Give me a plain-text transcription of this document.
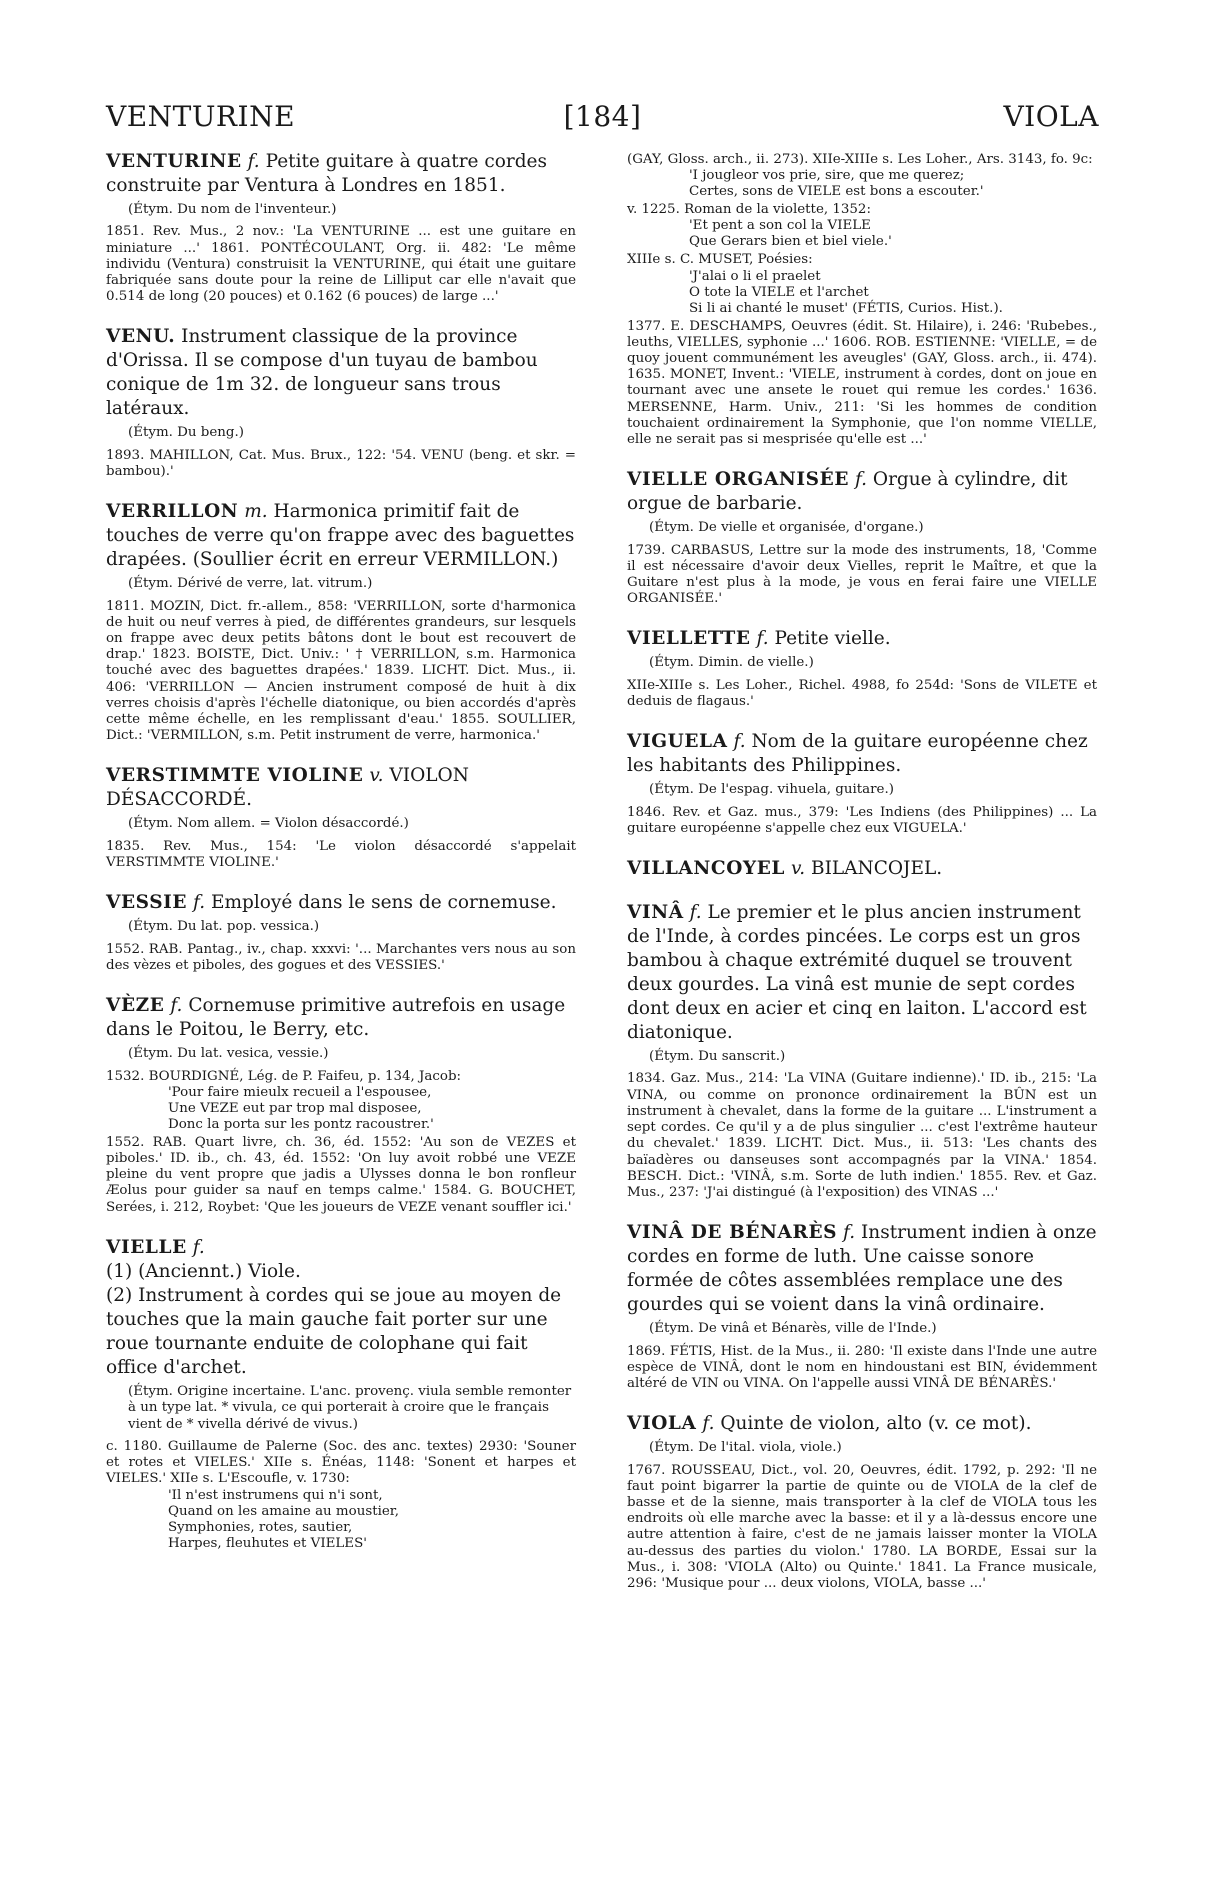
VENTURINE	[184]	VIOLA

VENTURINE f. Petite guitare à quatre cordes construite par Ventura à Londres en 1851.

(Étym. Du nom de l'inventeur.)

1851. Rev. Mus., 2 nov.: 'La VENTURINE ... est une guitare en miniature ...' 1861. PONTÉCOULANT, Org. ii. 482: 'Le même individu (Ventura) construisit la VENTURINE, qui était une guitare fabriquée sans doute pour la reine de Lilliput car elle n'avait que 0.514 de long (20 pouces) et 0.162 (6 pouces) de large ...'

VENU. Instrument classique de la province d'Orissa. Il se compose d'un tuyau de bambou conique de 1m 32. de longueur sans trous latéraux.

(Étym. Du beng.)

1893. MAHILLON, Cat. Mus. Brux., 122: '54. VENU (beng. et skr. = bambou).'

VERRILLON m. Harmonica primitif fait de touches de verre qu'on frappe avec des baguettes drapées. (Soullier écrit en erreur VERMILLON.)

(Étym. Dérivé de verre, lat. vitrum.)

1811. MOZIN, Dict. fr.-allem., 858: 'VERRILLON, sorte d'harmonica de huit ou neuf verres à pied, de différentes grandeurs, sur lesquels on frappe avec deux petits bâtons dont le bout est recouvert de drap.' 1823. BOISTE, Dict. Univ.: ' † VERRILLON, s.m. Harmonica touché avec des baguettes drapées.' 1839. LICHT. Dict. Mus., ii. 406: 'VERRILLON — Ancien instrument composé de huit à dix verres choisis d'après l'échelle diatonique, ou bien accordés d'après cette même échelle, en les remplissant d'eau.' 1855. SOULLIER, Dict.: 'VERMILLON, s.m. Petit instrument de verre, harmonica.'

VERSTIMMTE VIOLINE v. VIOLON DÉSACCORDÉ.

(Étym. Nom allem. = Violon désaccordé.)

1835. Rev. Mus., 154: 'Le violon désaccordé s'appelait VERSTIMMTE VIOLINE.'

VESSIE f. Employé dans le sens de cornemuse.

(Étym. Du lat. pop. vessica.)

1552. RAB. Pantag., iv., chap. xxxvi: '... Marchantes vers nous au son des vèzes et piboles, des gogues et des VESSIES.'

VÈZE f. Cornemuse primitive autrefois en usage dans le Poitou, le Berry, etc.

(Étym. Du lat. vesica, vessie.)

1532. BOURDIGNÉ, Lég. de P. Faifeu, p. 134, Jacob:

'Pour faire mieulx recueil a l'espousee,
Une VEZE eut par trop mal disposee,
Donc la porta sur les pontz racoustrer.'

1552. RAB. Quart livre, ch. 36, éd. 1552: 'Au son de VEZES et piboles.' ID. ib., ch. 43, éd. 1552: 'On luy avoit robbé une VEZE pleine du vent propre que jadis a Ulysses donna le bon ronfleur Æolus pour guider sa nauf en temps calme.' 1584. G. BOUCHET, Serées, i. 212, Roybet: 'Que les joueurs de VEZE venant souffler ici.'

VIELLE f.

(1) (Anciennt.) Viole.

(2) Instrument à cordes qui se joue au moyen de touches que la main gauche fait porter sur une roue tournante enduite de colophane qui fait office d'archet.

(Étym. Origine incertaine. L'anc. provenç. viula semble remonter à un type lat. * vivula, ce qui porterait à croire que le français vient de * vivella dérivé de vivus.)

c. 1180. Guillaume de Palerne (Soc. des anc. textes) 2930: 'Souner et rotes et VIELES.' XIIe s. Énéas, 1148: 'Sonent et harpes et VIELES.' XIIe s. L'Escoufle, v. 1730:

'Il n'est instrumens qui n'i sont,
Quand on les amaine au moustier,
Symphonies, rotes, sautier,
Harpes, fleuhutes et VIELES'

(GAY, Gloss. arch., ii. 273). XIIe-XIIIe s. Les Loher., Ars. 3143, fo. 9c:

'I jougleor vos prie, sire, que me querez;
Certes, sons de VIELE est bons a escouter.'

v. 1225. Roman de la violette, 1352:

'Et pent a son col la VIELE
Que Gerars bien et biel viele.'

XIIIe s. C. MUSET, Poésies:

'J'alai o li el praelet
O tote la VIELE et l'archet
Si li ai chanté le muset' (FÉTIS, Curios. Hist.).

1377. E. DESCHAMPS, Oeuvres (édit. St. Hilaire), i. 246: 'Rubebes., leuths, VIELLES, syphonie ...' 1606. ROB. ESTIENNE: 'VIELLE, = de quoy jouent communément les aveugles' (GAY, Gloss. arch., ii. 474). 1635. MONET, Invent.: 'VIELE, instrument à cordes, dont on joue en tournant avec une ansete le rouet qui remue les cordes.' 1636. MERSENNE, Harm. Univ., 211: 'Si les hommes de condition touchaient ordinairement la Symphonie, que l'on nomme VIELLE, elle ne serait pas si mesprisée qu'elle est ...'

VIELLE ORGANISÉE f. Orgue à cylindre, dit orgue de barbarie.

(Étym. De vielle et organisée, d'organe.)

1739. CARBASUS, Lettre sur la mode des instruments, 18, 'Comme il est nécessaire d'avoir deux Vielles, reprit le Maître, et que la Guitare n'est plus à la mode, je vous en ferai faire une VIELLE ORGANISÉE.'

VIELLETTE f. Petite vielle.

(Étym. Dimin. de vielle.)

XIIe-XIIIe s. Les Loher., Richel. 4988, fo 254d: 'Sons de VILETE et deduis de flagaus.'

VIGUELA f. Nom de la guitare européenne chez les habitants des Philippines.

(Étym. De l'espag. vihuela, guitare.)

1846. Rev. et Gaz. mus., 379: 'Les Indiens (des Philippines) ... La guitare européenne s'appelle chez eux VIGUELA.'

VILLANCOYEL v. BILANCOJEL.

VINÂ f. Le premier et le plus ancien instrument de l'Inde, à cordes pincées. Le corps est un gros bambou à chaque extrémité duquel se trouvent deux gourdes. La vinâ est munie de sept cordes dont deux en acier et cinq en laiton. L'accord est diatonique.

(Étym. Du sanscrit.)

1834. Gaz. Mus., 214: 'La VINA (Guitare indienne).' ID. ib., 215: 'La VINA, ou comme on prononce ordinairement la BÛN est un instrument à chevalet, dans la forme de la guitare ... L'instrument a sept cordes. Ce qu'il y a de plus singulier ... c'est l'extrême hauteur du chevalet.' 1839. LICHT. Dict. Mus., ii. 513: 'Les chants des baïadères ou danseuses sont accompagnés par la VINA.' 1854. BESCH. Dict.: 'VINÂ, s.m. Sorte de luth indien.' 1855. Rev. et Gaz. Mus., 237: 'J'ai distingué (à l'exposition) des VINAS ...'

VINÂ DE BÉNARÈS f. Instrument indien à onze cordes en forme de luth. Une caisse sonore formée de côtes assemblées remplace une des gourdes qui se voient dans la vinâ ordinaire.

(Étym. De vinâ et Bénarès, ville de l'Inde.)

1869. FÉTIS, Hist. de la Mus., ii. 280: 'Il existe dans l'Inde une autre espèce de VINÂ, dont le nom en hindoustani est BIN, évidemment altéré de VIN ou VINA. On l'appelle aussi VINÂ DE BÉNARÈS.'

VIOLA f. Quinte de violon, alto (v. ce mot).

(Étym. De l'ital. viola, viole.)

1767. ROUSSEAU, Dict., vol. 20, Oeuvres, édit. 1792, p. 292: 'Il ne faut point bigarrer la partie de quinte ou de VIOLA de la clef de basse et de la sienne, mais transporter à la clef de VIOLA tous les endroits où elle marche avec la basse: et il y a là-dessus encore une autre attention à faire, c'est de ne jamais laisser monter la VIOLA au-dessus des parties du violon.' 1780. LA BORDE, Essai sur la Mus., i. 308: 'VIOLA (Alto) ou Quinte.' 1841. La France musicale, 296: 'Musique pour ... deux violons, VIOLA, basse ...'
